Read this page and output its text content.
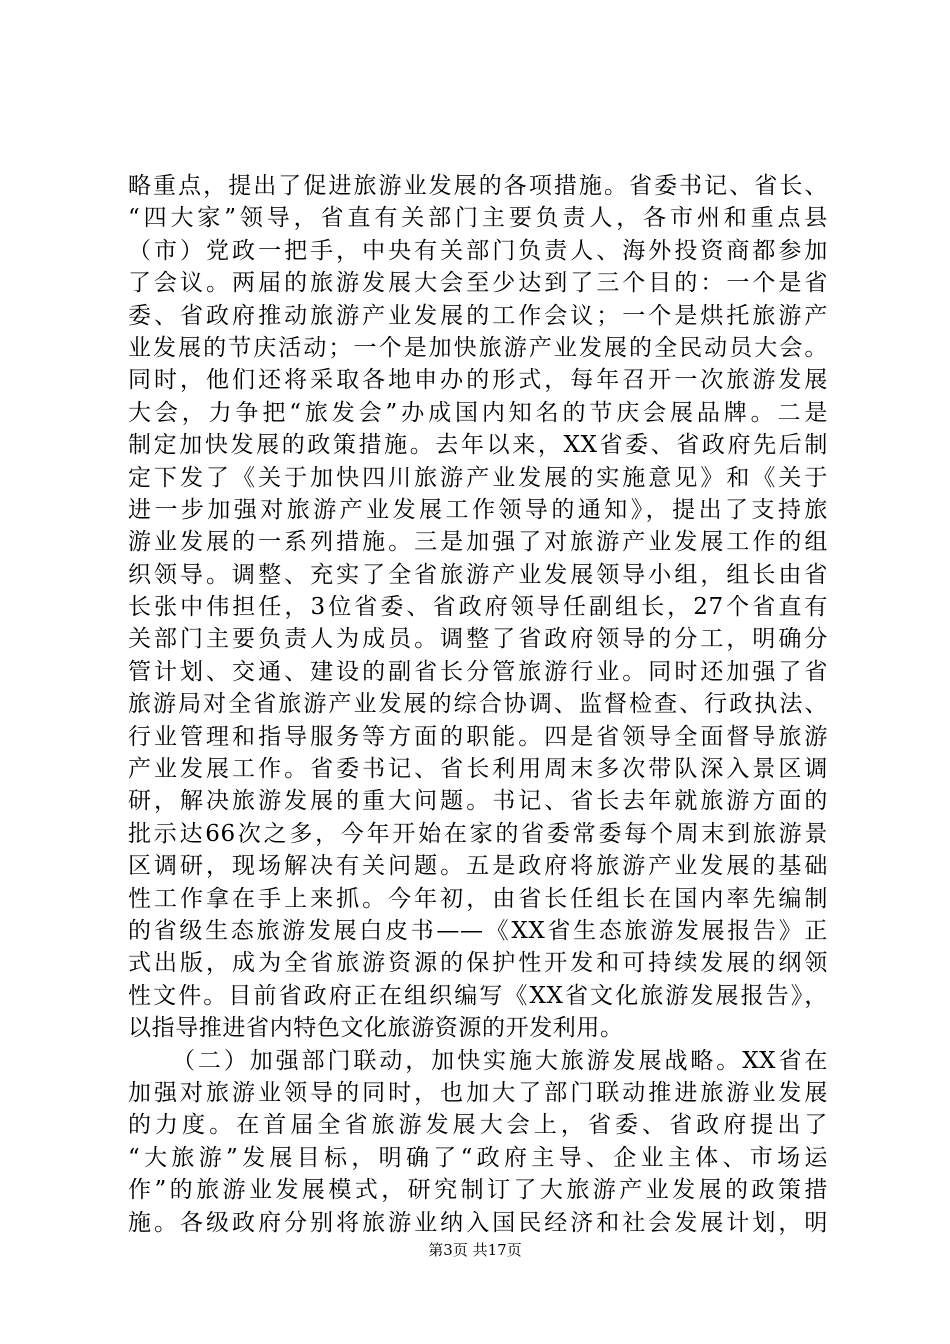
略重点，提出了促进旅游业发展的各项措施。省委书记、省长、
“四大家”领导，省直有关部门主要负责人，各市州和重点县
（市）党政一把手，中央有关部门负责人、海外投资商都参加
了会议。两届的旅游发展大会至少达到了三个目的：一个是省
委、省政府推动旅游产业发展的工作会议；一个是烘托旅游产
业发展的节庆活动；一个是加快旅游产业发展的全民动员大会。
同时，他们还将采取各地申办的形式，每年召开一次旅游发展
大会，力争把“旅发会”办成国内知名的节庆会展品牌。二是
制定加快发展的政策措施。去年以来，XX省委、省政府先后制
定下发了《关于加快四川旅游产业发展的实施意见》和《关于
进一步加强对旅游产业发展工作领导的通知》，提出了支持旅
游业发展的一系列措施。三是加强了对旅游产业发展工作的组
织领导。调整、充实了全省旅游产业发展领导小组，组长由省
长张中伟担任，3位省委、省政府领导任副组长，27个省直有
关部门主要负责人为成员。调整了省政府领导的分工，明确分
管计划、交通、建设的副省长分管旅游行业。同时还加强了省
旅游局对全省旅游产业发展的综合协调、监督检查、行政执法、
行业管理和指导服务等方面的职能。四是省领导全面督导旅游
产业发展工作。省委书记、省长利用周末多次带队深入景区调
研，解决旅游发展的重大问题。书记、省长去年就旅游方面的
批示达66次之多，今年开始在家的省委常委每个周末到旅游景
区调研，现场解决有关问题。五是政府将旅游产业发展的基础
性工作拿在手上来抓。今年初，由省长任组长在国内率先编制
的省级生态旅游发展白皮书——《XX省生态旅游发展报告》正
式出版，成为全省旅游资源的保护性开发和可持续发展的纲领
性文件。目前省政府正在组织编写《XX省文化旅游发展报告》，
以指导推进省内特色文化旅游资源的开发利用。
（二）加强部门联动，加快实施大旅游发展战略。XX省在
加强对旅游业领导的同时，也加大了部门联动推进旅游业发展
的力度。在首届全省旅游发展大会上，省委、省政府提出了
“大旅游”发展目标，明确了“政府主导、企业主体、市场运
作”的旅游业发展模式，研究制订了大旅游产业发展的政策措
施。各级政府分别将旅游业纳入国民经济和社会发展计划，明
第3页 共17页
